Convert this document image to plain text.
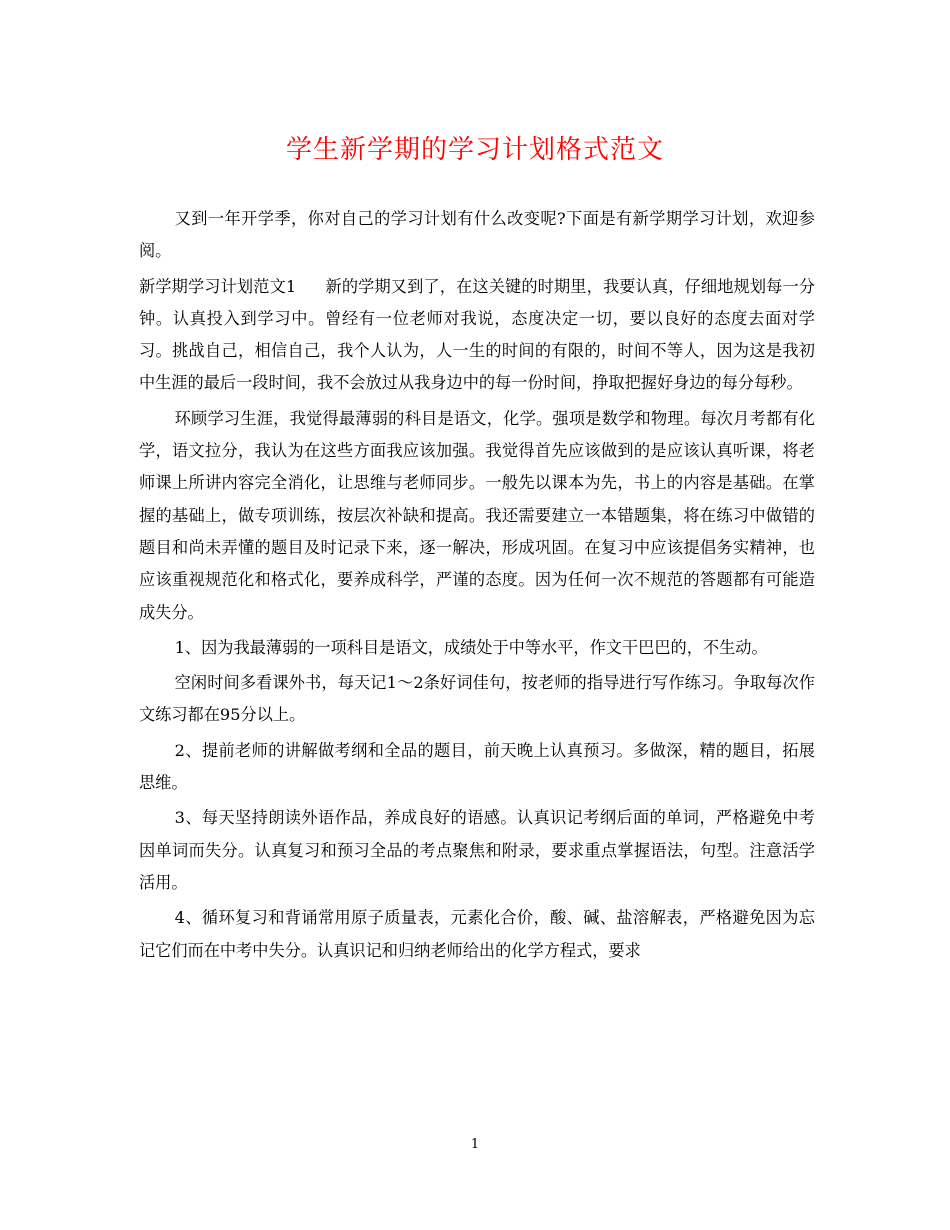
学生新学期的学习计划格式范文

又到一年开学季，你对自己的学习计划有什么改变呢?下面是有新学期学习计划，欢迎参阅。

新学期学习计划范文1 新的学期又到了，在这关键的时期里，我要认真，仔细地规划每一分钟。认真投入到学习中。曾经有一位老师对我说，态度决定一切，要以良好的态度去面对学习。挑战自己，相信自己，我个人认为，人一生的时间的有限的，时间不等人，因为这是我初中生涯的最后一段时间，我不会放过从我身边中的每一份时间，挣取把握好身边的每分每秒。

环顾学习生涯，我觉得最薄弱的科目是语文，化学。强项是数学和物理。每次月考都有化学，语文拉分，我认为在这些方面我应该加强。我觉得首先应该做到的是应该认真听课，将老师课上所讲内容完全消化，让思维与老师同步。一般先以课本为先，书上的内容是基础。在掌握的基础上，做专项训练，按层次补缺和提高。我还需要建立一本错题集，将在练习中做错的题目和尚未弄懂的题目及时记录下来，逐一解决，形成巩固。在复习中应该提倡务实精神，也应该重视规范化和格式化，要养成科学，严谨的态度。因为任何一次不规范的答题都有可能造成失分。

1、因为我最薄弱的一项科目是语文，成绩处于中等水平，作文干巴巴的，不生动。

空闲时间多看课外书，每天记1～2条好词佳句，按老师的指导进行写作练习。争取每次作文练习都在95分以上。

2、提前老师的讲解做考纲和全品的题目，前天晚上认真预习。多做深，精的题目，拓展思维。

3、每天坚持朗读外语作品，养成良好的语感。认真识记考纲后面的单词，严格避免中考因单词而失分。认真复习和预习全品的考点聚焦和附录，要求重点掌握语法，句型。注意活学活用。

4、循环复习和背诵常用原子质量表，元素化合价，酸、碱、盐溶解表，严格避免因为忘记它们而在中考中失分。认真识记和归纳老师给出的化学方程式，要求

1
